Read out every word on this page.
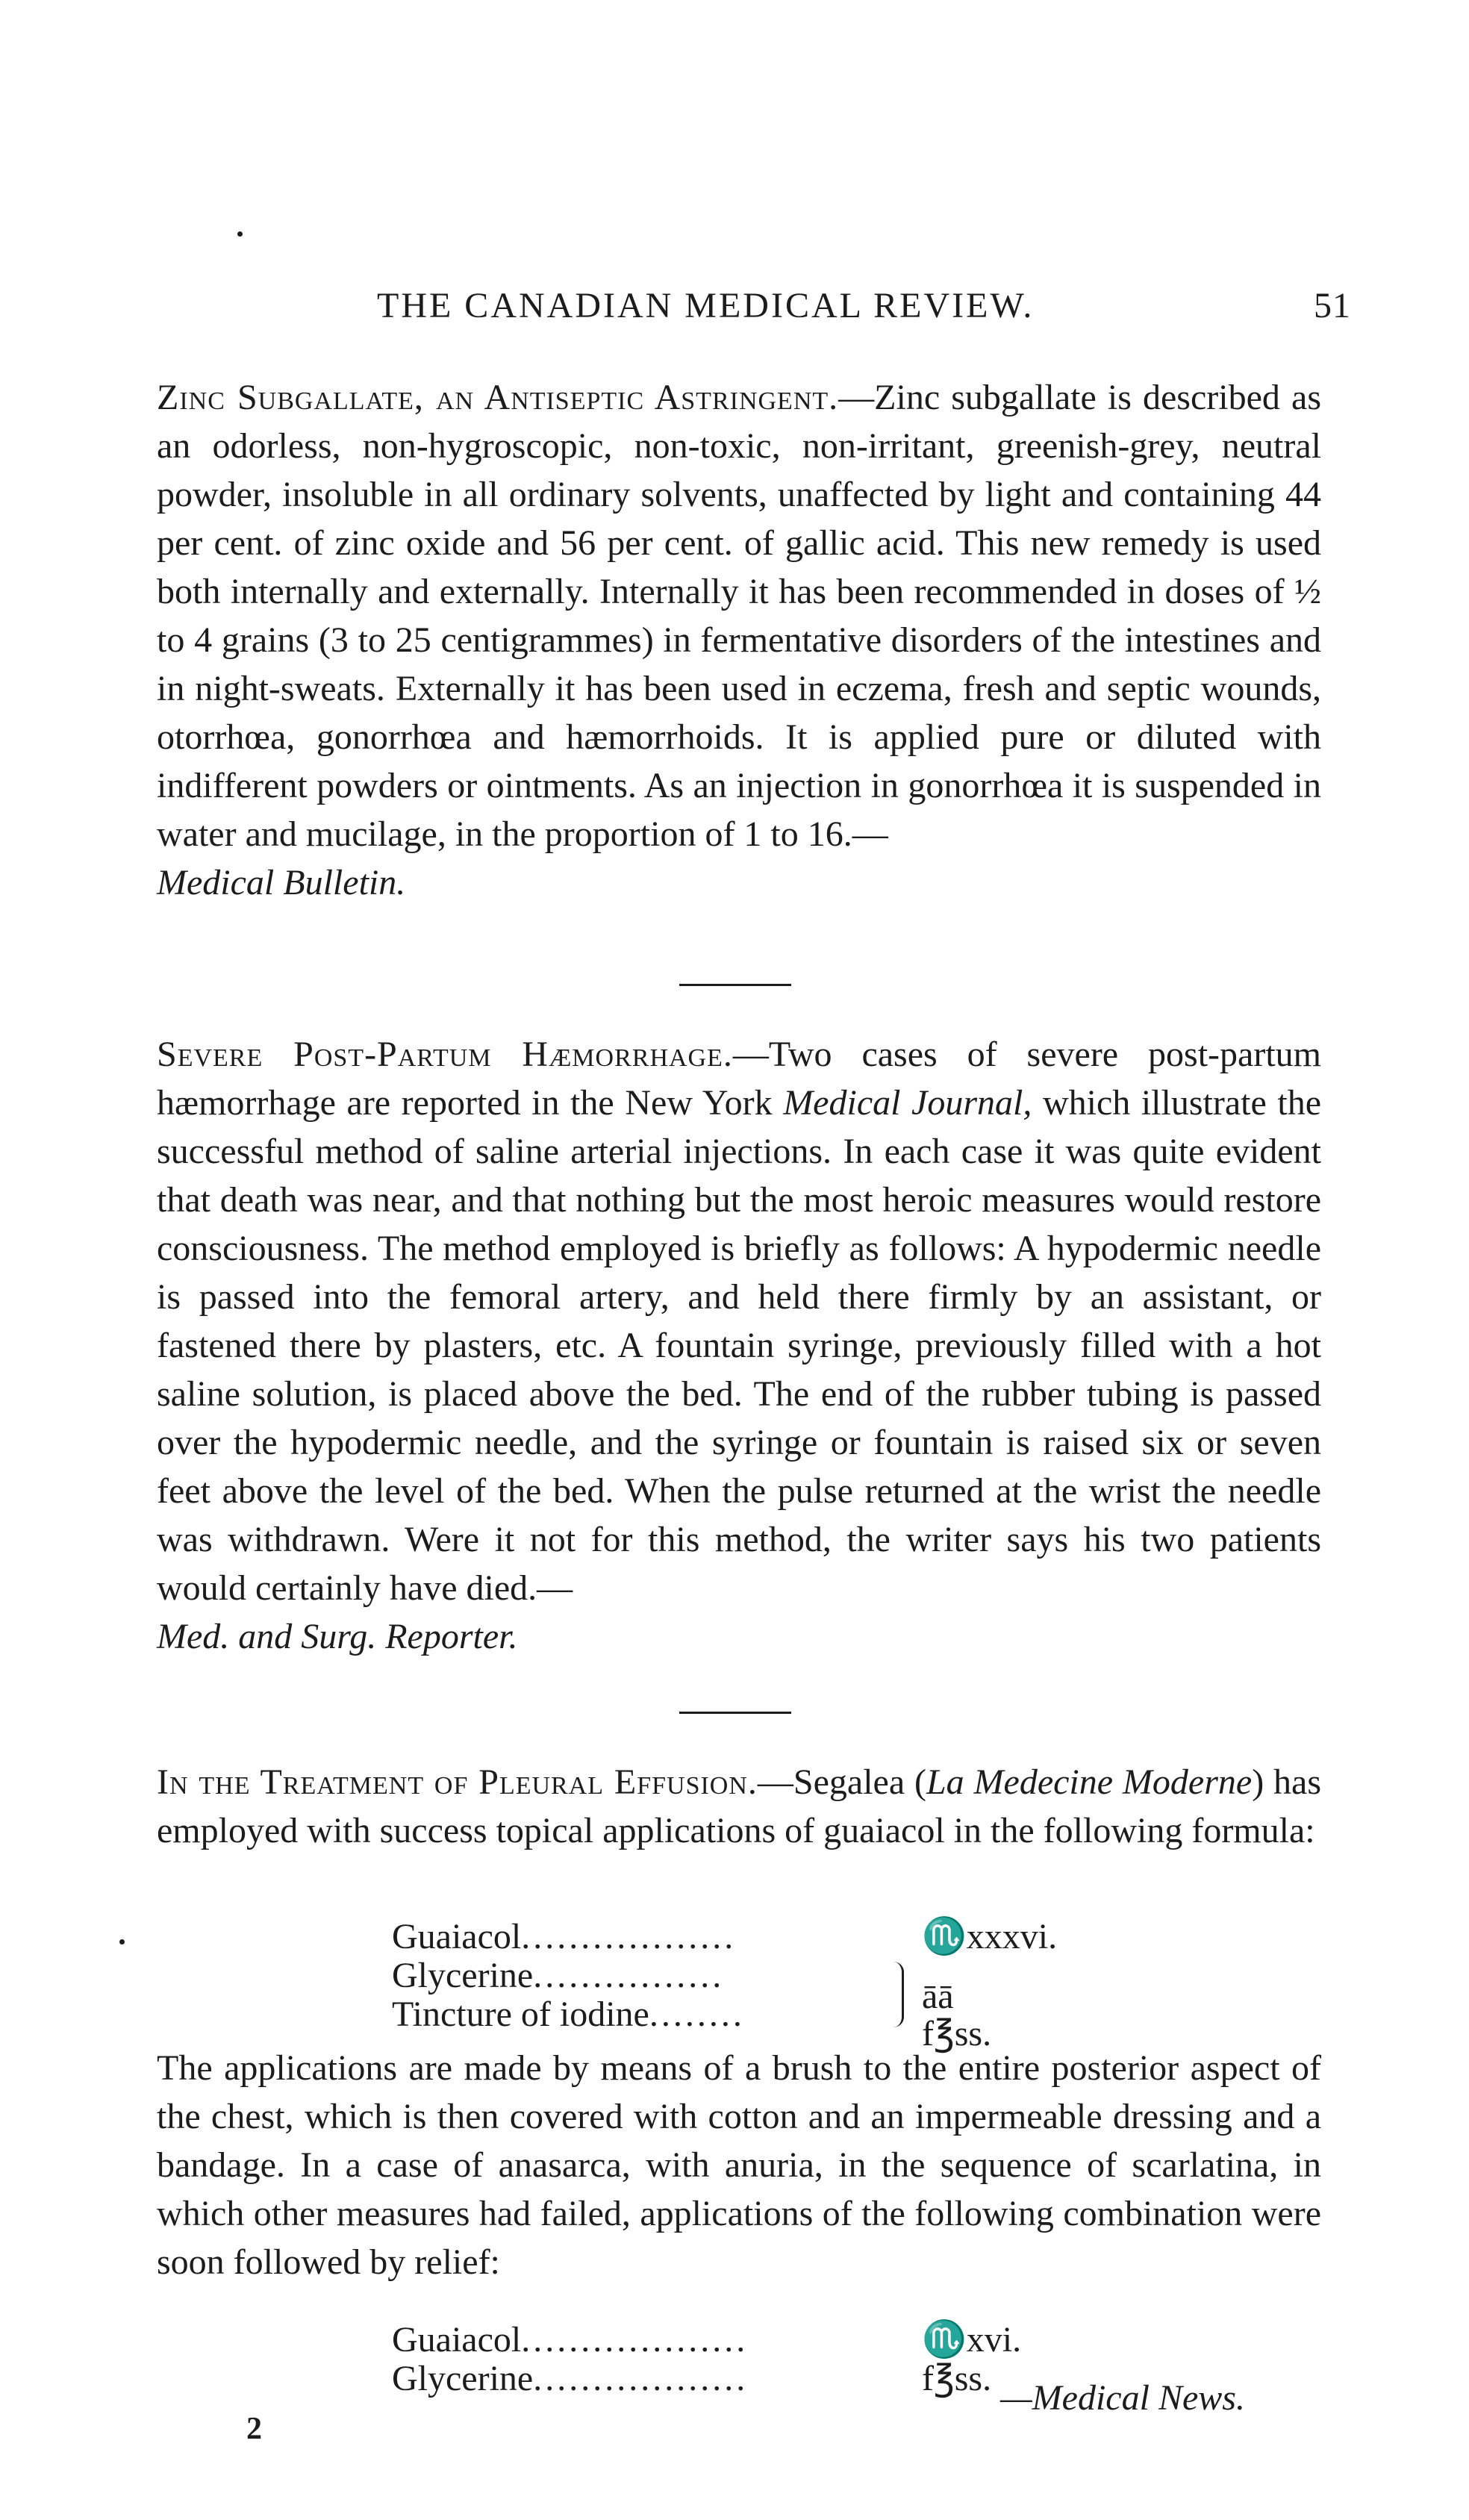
THE CANADIAN MEDICAL REVIEW.	51

Zinc Subgallate, an Antiseptic Astringent.—Zinc subgallate is described as an odorless, non-hygroscopic, non-toxic, non-irritant, greenish-grey, neutral powder, insoluble in all ordinary solvents, unaffected by light and containing 44 per cent. of zinc oxide and 56 per cent. of gallic acid. This new remedy is used both internally and externally. Internally it has been recommended in doses of ½ to 4 grains (3 to 25 centigrammes) in fermentative disorders of the intestines and in night-sweats. Externally it has been used in eczema, fresh and septic wounds, otorrhœa, gonorrhœa and hæmorrhoids. It is applied pure or diluted with indifferent powders or ointments. As an injection in gonorrhœa it is suspended in water and mucilage, in the proportion of 1 to 16.—

Medical Bulletin.

Severe Post-Partum Hæmorrhage.—Two cases of severe post-partum hæmorrhage are reported in the New York Medical Journal, which illustrate the successful method of saline arterial injections. In each case it was quite evident that death was near, and that nothing but the most heroic measures would restore consciousness. The method employed is briefly as follows: A hypodermic needle is passed into the femoral artery, and held there firmly by an assistant, or fastened there by plasters, etc. A fountain syringe, previously filled with a hot saline solution, is placed above the bed. The end of the rubber tubing is passed over the hypodermic needle, and the syringe or fountain is raised six or seven feet above the level of the bed. When the pulse returned at the wrist the needle was withdrawn. Were it not for this method, the writer says his two patients would certainly have died.—

Med. and Surg. Reporter.

In the Treatment of Pleural Effusion.—Segalea (La Medecine Moderne) has employed with success topical applications of guaiacol in the following formula:

Guaiacol..................	♏xxxvi.
Glycerine................
Tincture of iodine........	āā f℥ss.

The applications are made by means of a brush to the entire posterior aspect of the chest, which is then covered with cotton and an impermeable dressing and a bandage. In a case of anasarca, with anuria, in the sequence of scarlatina, in which other measures had failed, applications of the following combination were soon followed by relief:

Guaiacol...................	♏xvi.
Glycerine..................	f℥ss. —Medical News.
2
